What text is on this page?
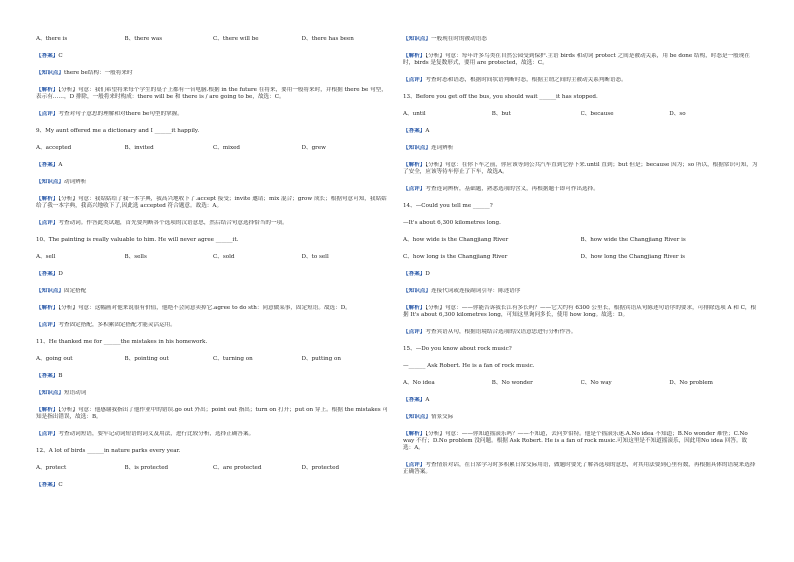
A、there is	B、there was	C、there will be	D、there has been
【答案】C
【知识点】there be结构：一般将来时
【解析】【分析】句意：我们希望将来每个学生的桌子上都有一台电脑.根据 in the future 在将来，要用一般将来时，并根据 there be 句型，表示有……，D 排除，一般将来时构成：there will be 和 there is / are going to be，故选：C。
【点评】考查对句子意思的理解和对there be句型的掌握。
9、My aunt offered me a dictionary and I ______it happily.
A、accepted	B、invited	C、mixed	D、grew
【答案】A
【知识点】动词辨析
【解析】【分析】句意：我姑姑给了我一本字典，我高兴地收下了.accept 接受；invite 邀请；mix 混合；grow 成长；根据句意可知，我姑姑给了我一本字典，我高兴地收下了,因此选 accepted 符合题意。故选：A。
【点评】考查动词。作答此类试题，首先要判断各个选项的汉语意思，然后结合句意选择恰当的一项。
10、The painting is really valuable to him. He will never agree ______it.
A、sell	B、sells	C、sold	D、to sell
【答案】D
【知识点】固定搭配
【解析】【分析】句意：这幅画对他来说很有价值，他绝不会同意卖掉它.agree to do sth：同意做某事，固定短语。故选：D。
【点评】考查固定搭配，多积累固定搭配才能灵活运用。
11、He thanked me for ______the mistakes in his homework.
A、going out	B、pointing out	C、turning on	D、putting on
【答案】B
【知识点】短语动词
【解析】【分析】句意：他感谢我指出了他作业中的错误.go out 外出；point out 指出；turn on 打开；put on 穿上。根据 the mistakes 可知是指出错误，故选：B。
【点评】考查动词短语，要牢记动词短语的词义及用法，进行比较分析，选择正确答案。
12、A lot of birds ______in nature parks every year.
A、protect	B、is protected	C、are protected	D、protected
【答案】C
【知识点】一般现在时的被动语态
【解析】【分析】句意：每年许多鸟类在自然公园受到保护.主语 birds 和动词 protect 之间是被动关系，用 be done 结构，时态是一般现在时，birds 是复数形式，要用 are protected，故选：C。
【点评】考查时态和语态，根据时间状语判断时态，根据主谓之间的主被动关系判断语态。
13、Before you get off the bus, you should wait ______it has stopped.
A、until	B、but	C、because	D、so
【答案】A
【知识点】连词辨析
【解析】【分析】句意：在你下车之前，你应该等到公共汽车直到它停下来.until 直到；but 但是；because 因为；so 所以，根据常识可知，为了安全，应该等待车停止了下车，故选A。
【点评】考查连词辨析，基础题，熟悉选项的含义，再根据题干即可作出选择。
14、—Could you tell me ______?
—It's about 6,300 kilometres long.
A、how wide is the Changjiang River	B、how wide the Changjiang River is
C、how long is the Changjiang River	D、how long the Changjiang River is
【答案】D
【知识点】连接代词或连接副词引导：陈述语序
【解析】【分析】句意：——你能告诉我长江有多长吗？——它大约有 6300 公里长，根据宾语从句陈述句语序的要求，可排除选项 A 和 C，根据 It's about 6,300 kilometres long，可知这里询问多长，使用 how long。故选：D。
【点评】考查宾语从句，根据语境结合选项的汉语意思进行分析作答。
15、—Do you know about rock music?
—______ Ask Robert. He is a fan of rock music.
A、No idea	B、No wonder	C、No way	D、No problem
【答案】A
【知识点】情景交际
【解析】【分析】句意：——你知道摇滚乐吗？——不知道，去问罗伯特。他是个摇滚乐迷.A.No idea 不知道；B.No wonder 难怪；C.No way 不行；D.No problem 没问题。根据 Ask Robert. He is a fan of rock music.可知这里是不知道摇滚乐，因此用No idea 回答。故选：A。
【点评】考查情景对话，在日常学习时多积累日常交际用语，做题时要先了解各选项的意思，对其用法要到心里有数，再根据具体的语境来选择正确答案。
